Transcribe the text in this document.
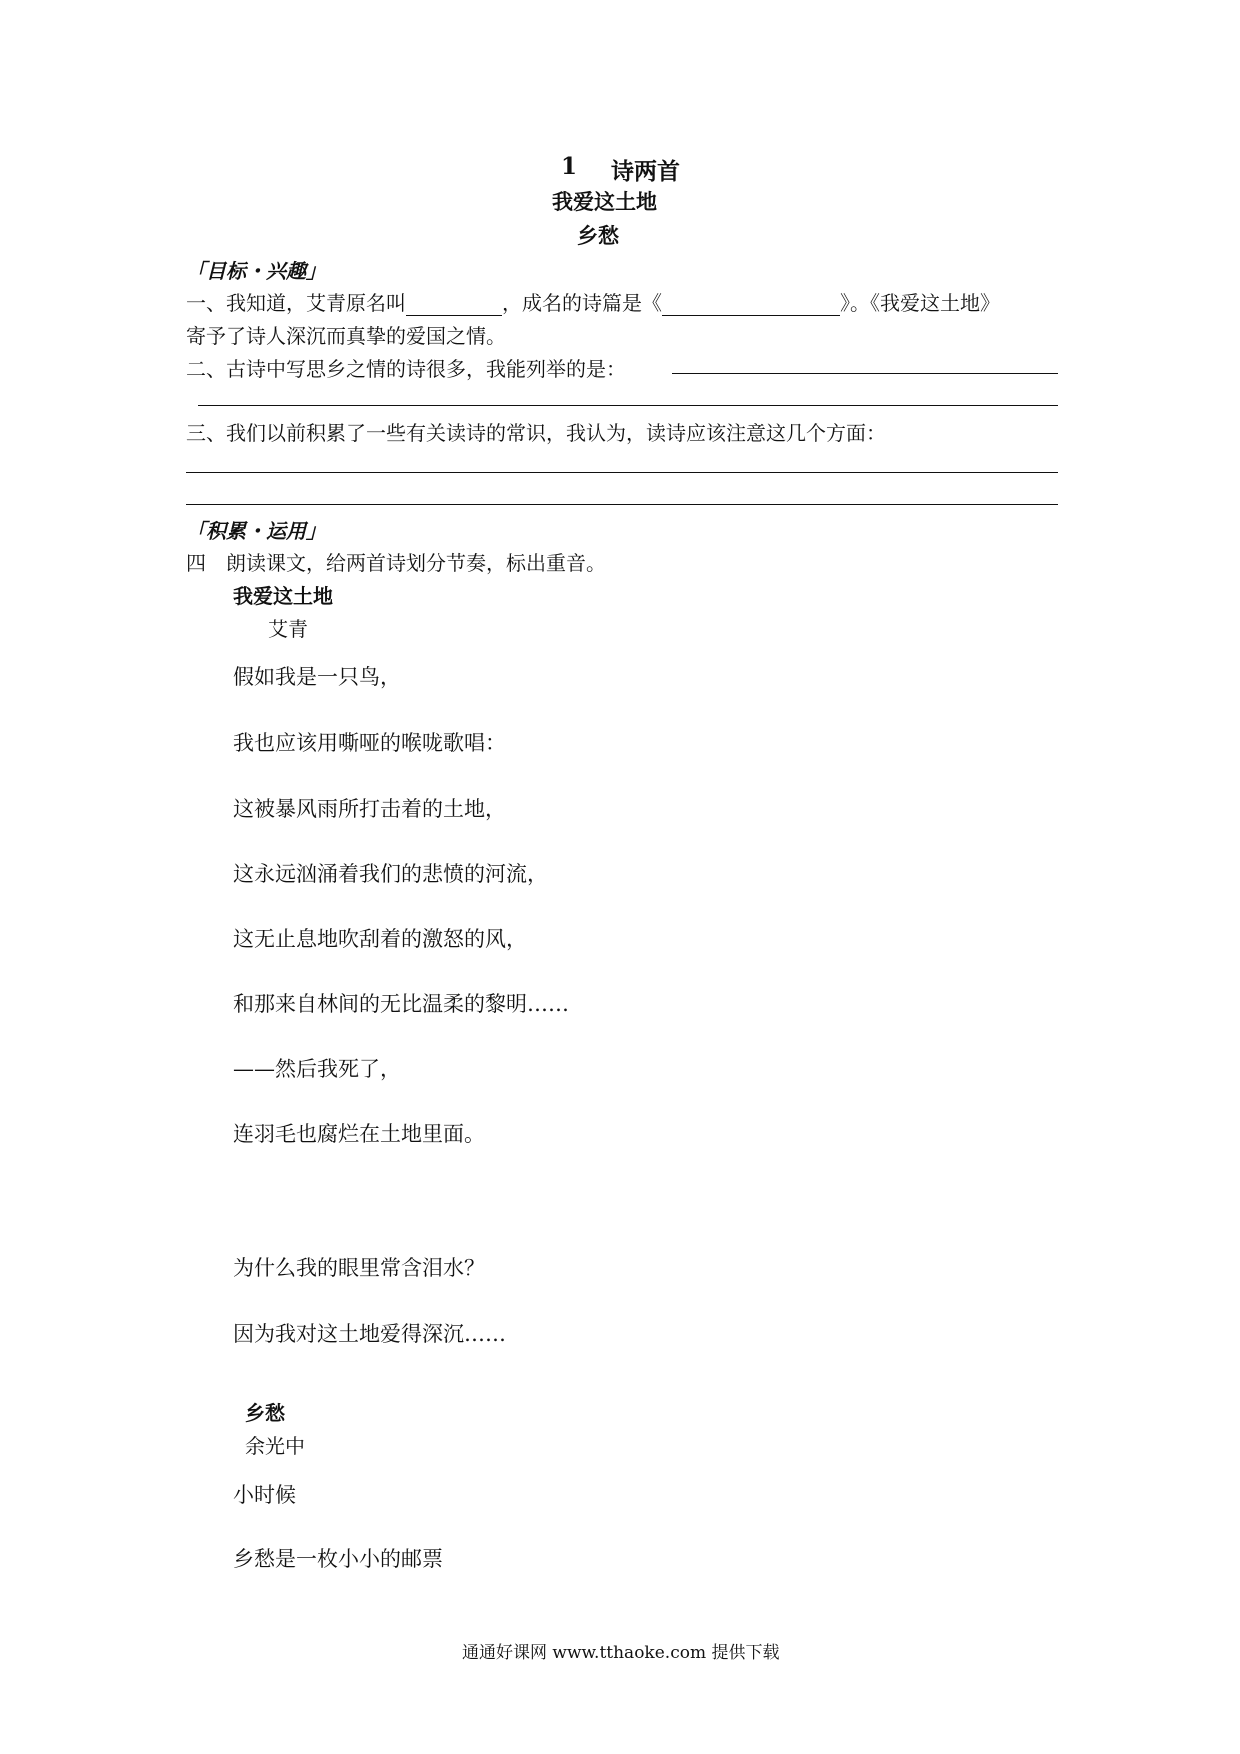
1 诗两首
我爱这土地
乡愁
「目标・兴趣」
一、我知道，艾青原名叫	，成名的诗篇是《	》。《我爱这土地》
寄予了诗人深沉而真挚的爱国之情。
二、古诗中写思乡之情的诗很多，我能列举的是：
三、我们以前积累了一些有关读诗的常识，我认为，读诗应该注意这几个方面：
「积累・运用」
四　朗读课文，给两首诗划分节奏，标出重音。
我爱这土地
艾青
假如我是一只鸟，
我也应该用嘶哑的喉咙歌唱：
这被暴风雨所打击着的土地，
这永远汹涌着我们的悲愤的河流，
这无止息地吹刮着的激怒的风，
和那来自林间的无比温柔的黎明……
——然后我死了，
连羽毛也腐烂在土地里面。
为什么我的眼里常含泪水？
因为我对这土地爱得深沉……
乡愁
余光中
小时候
乡愁是一枚小小的邮票
通通好课网 www.tthaoke.com 提供下载
